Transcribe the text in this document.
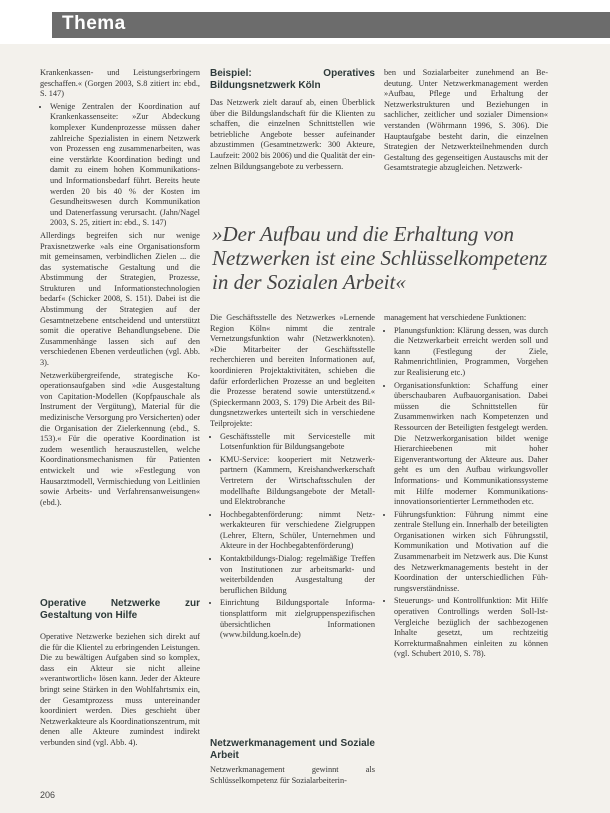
Thema

Krankenkassen- und Leistungserbringern geschaffen.« (Gorgen 2003, S.8 zitiert in: ebd., S. 147)

• Wenige Zentralen der Koordination auf Krankenkassenseite: »Zur Abdeckung komplexer Kundenprozesse müssen daher zahlreiche Spezialisten in einem Netzwerk von Prozessen eng zusammenarbeiten, was eine verstärkte Koordination bedingt und damit zu einem hohen Kommunikations- und Informationsbedarf führt. Bereits heute werden 20 bis 40 % der Kosten im Gesundheitswesen durch Kommunikation und Datenerfassung verursacht. (Jahn/Nagel 2003, S. 25, zitiert in: ebd., S. 147)

Allerdings begreifen sich nur wenige Praxisnetzwerke »als eine Organisationsform mit gemeinsamen, verbindlichen Zielen ... die das systematische Gestaltung und die Abstimmung der Strategien, Prozesse, Strukturen und Informationstechnologien bedarf« (Schicker 2008, S. 151). Dabei ist die Abstimmung der Strategien auf der Gesamtnetzebene entscheidend und unterstützt somit die operative Behandlungsebene. Die Zusammenhänge lassen sich auf den verschiedenen Ebenen verdeutlichen (vgl. Abb. 3).

Netzwerkübergreifende, strategische Kooperationsaufgaben sind »die Ausgestaltung von Capitation-Modellen (Kopfpauschale als Instrument der Vergütung), Material für die medizinische Versorgung pro Versicherten) oder die Organisation der Zielerkennung (ebd., S. 153).« Für die operative Koordination ist zudem wesentlich herauszustellen, welche Koordinationsmechanismen für Patienten entwickelt und wie »Festlegung von Hausarztmodell, Vermischiedung von Leitlinien sowie Arbeits- und Verfahrensanweisungen« (ebd.).

Operative Netzwerke zur Gestaltung von Hilfe

Operative Netzwerke beziehen sich direkt auf die für die Klientel zu erbringenden Leistungen. Die zu bewältigen Aufgaben sind so komplex, dass ein Akteur sie nicht alleine »verantwortlich« lösen kann. Jeder der Akteure bringt seine Stärken in den Wohlfahrtsmix ein, der Gesamtprozess muss untereinander koordiniert werden. Dies geschieht über Netzwerkakteure als Koordinationszentrum, mit denen alle Akteure zumindest indirekt verbunden sind (vgl. Abb. 4).

Beispiel: Operatives Bildungsnetzwerk Köln

Das Netzwerk zielt darauf ab, einen Überblick über die Bildungslandschaft für die Klienten zu schaffen, die einzelnen Schnittstellen wie betriebliche Angebote besser aufeinander abzustimmen (Gesamtnetzwerk: 300 Akteure, Laufzeit: 2002 bis 2006) und die Qualität der einzelnen Bildungsangebote zu verbessern.

ben und Sozialarbeiter zunehmend an Bedeutung. Unter Netzwerkmanagement werden »Aufbau, Pflege und Erhaltung der Netzwerkstrukturen und Beziehungen in sachlicher, zeitlicher und sozialer Dimension« verstanden (Wöhrmann 1996, S. 306). Die Hauptaufgabe besteht darin, die einzelnen Strategien der Netzwerkteilnehmenden durch Gestaltung des gegenseitigen Austauschs mit der Gesamtstrategie abzugleichen. Netzwerk-

»Der Aufbau und die Erhaltung von Netzwerken ist eine Schlüsselkompetenz in der Sozialen Arbeit«

Die Geschäftsstelle des Netzwerkes »Lernende Region Köln« nimmt die zentrale Vernetzungsfunktion wahr (Netzwerkknoten). »Die Mitarbeiter der Geschäftsstelle recherchieren und bereiten Informationen auf, koordinieren Projektaktivitäten, schieben die dafür erforderlichen Prozesse an und begleiten die Prozesse beratend sowie unterstützend.« (Spieckermann 2003, S. 179) Die Arbeit des Bildungsnetzwerkes unterteilt sich in verschiedene Teilprojekte:

• Geschäftsstelle mit Servicestelle mit Lotsenfunktion für Bildungsangebote
• KMU-Service: kooperiert mit Netzwerkpartnern (Kammern, Kreishandwerkerschaft Vertretern der Wirtschaftsschulen der modellhafte Bildungsangebote der Metall- und Elektrobranche
• Hochbegabtenförderung: nimmt Netzwerkakteuren für verschiedene Zielgruppen (Lehrer, Eltern, Schüler, Unternehmen und Akteure in der Hochbegabtenförderung)
• Kontaktbildungs-Dialog: regelmäßige Treffen von Institutionen zur arbeitsmarkt- und weiterbildenden Ausgestaltung der beruflichen Bildung
• Einrichtung Bildungsportale Informationsplattform mit zielgruppenspezifischen übersichtlichen Informationen (www.bildung.koeln.de)
Netzwerkmanagement und Soziale Arbeit

Netzwerkmanagement gewinnt als Schlüsselkompetenz für Sozialarbeiterin-

management hat verschiedene Funktionen:

• Planungsfunktion: Klärung dessen, was durch die Netzwerkarbeit erreicht werden soll und kann (Festlegung der Ziele, Rahmenrichtlinien, Programmen, Vorgehen zur Realisierung etc.)
• Organisationsfunktion: Schaffung einer überschaubaren Aufbauorganisation. Dabei müssen die Schnittstellen für Zusammenwirken nach Kompetenzen und Ressourcen der Beteiligten festgelegt werden. Die Netzwerkorganisation bildet wenige Hierarchieebenen mit hoher Eigenverantwortung der Akteure aus. Daher geht es um den Aufbau wirkungsvoller Informations- und Kommunikationssysteme mit Hilfe moderner Kommunikations- innovationsorientierter Lernmethoden etc.
• Führungsfunktion: Führung nimmt eine zentrale Stellung ein. Innerhalb der beteiligten Organisationen wirken sich Führungsstil, Kommunikation und Motivation auf die Zusammenarbeit im Netzwerk aus. Die Kunst des Netzwerkmanagements besteht in der Koordination der unterschiedlichen Führungsverständnisse.
• Steuerungs- und Kontrollfunktion: Mit Hilfe operativen Controllings werden Soll-Ist-Vergleiche bezüglich der sachbezogenen Inhalte gesetzt, um rechtzeitig Korrekturmaßnahmen einleiten zu können (vgl. Schubert 2010, S. 78).
206
